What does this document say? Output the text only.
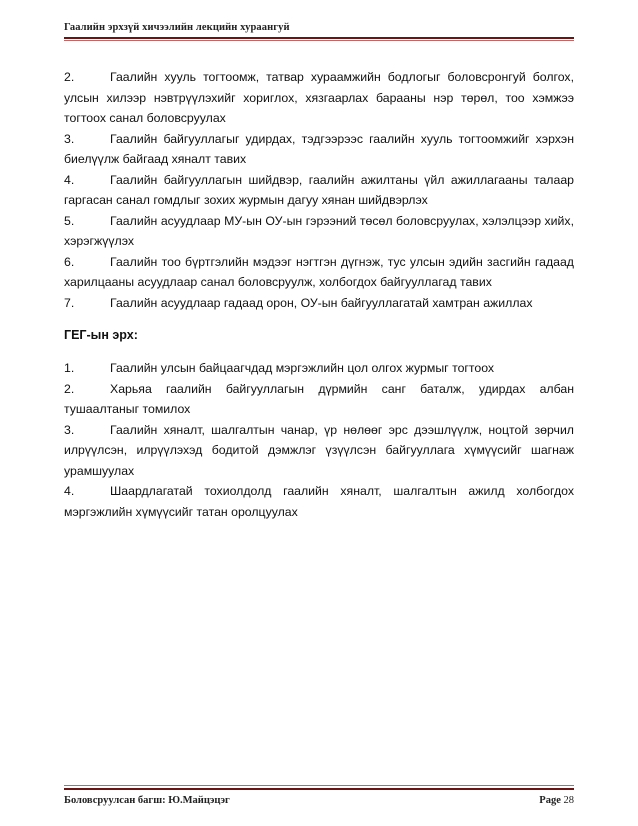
Гаалийн эрхзүй хичээлийн лекцийн хураангуй
2.	Гаалийн хууль тогтоомж, татвар хураамжийн бодлогыг боловсронгуй болгох, улсын хилээр нэвтрүүлэхийг хориглох, хязгаарлах барааны нэр төрөл, тоо хэмжээ тогтоох санал боловсруулах
3.	Гаалийн байгууллагыг удирдах, тэдгээрээс гаалийн хууль тогтоомжийг хэрхэн биелүүлж байгаад хяналт тавих
4.	Гаалийн байгууллагын шийдвэр, гаалийн ажилтаны үйл ажиллагааны талаар гаргасан санал гомдлыг зохих журмын дагуу хянан шийдвэрлэх
5.	Гаалийн асуудлаар МУ-ын ОУ-ын гэрээний төсөл боловсруулах, хэлэлцээр хийх, хэрэгжүүлэх
6.	Гаалийн тоо бүртгэлийн мэдээг нэгтгэн дүгнэж, тус улсын эдийн засгийн гадаад харилцааны асуудлаар санал боловсруулж, холбогдох байгууллагад тавих
7.	Гаалийн асуудлаар гадаад орон, ОУ-ын байгууллагатай хамтран ажиллах
ГЕГ-ын эрх:
1.	Гаалийн улсын байцаагчдад мэргэжлийн цол олгох журмыг тогтоох
2.	Харьяа гаалийн байгууллагын дүрмийн санг баталж, удирдах албан тушаалтаныг томилох
3.	Гаалийн хяналт, шалгалтын чанар, үр нөлөөг эрс дээшлүүлж, ноцтой зөрчил илрүүлсэн, илрүүлэхэд бодитой дэмжлэг үзүүлсэн байгууллага хүмүүсийг шагнаж урамшуулах
4.	Шаардлагатай тохиолдолд гаалийн хяналт, шалгалтын ажилд холбогдох мэргэжлийн хүмүүсийг татан оролцуулах
Боловсруулсан багш: Ю.Майцэцэг	Page 28
